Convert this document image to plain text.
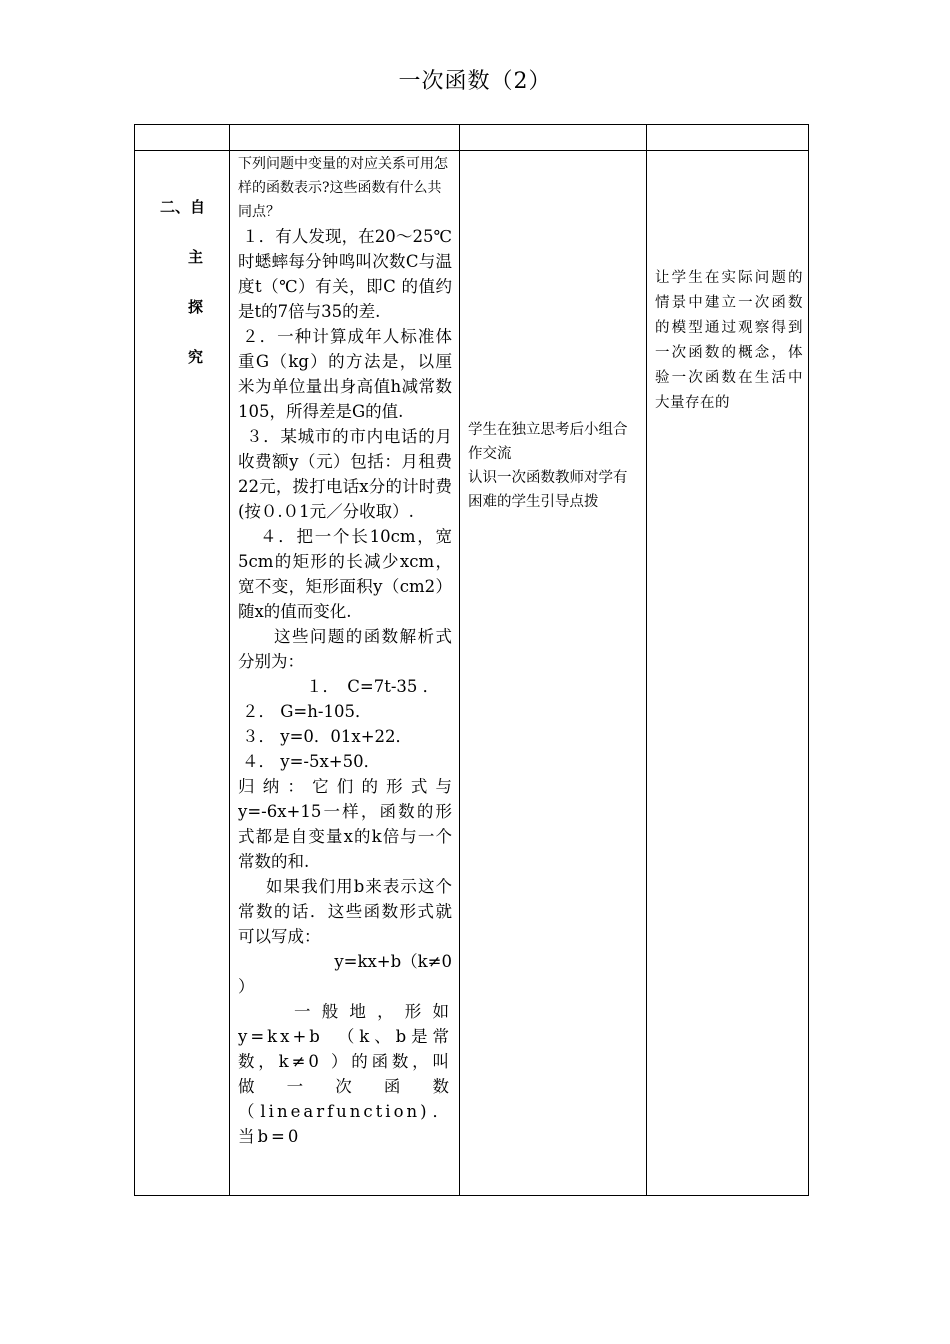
一次函数（2）
二、自
主
探
究
下列问题中变量的对应关系可用怎样的函数表示?这些函数有什么共同点？

１．有人发现，在20～25℃时蟋蟀每分钟鸣叫次数C与温度t（℃）有关，即C 的值约是t的7倍与35的差.

２．一种计算成年人标准体重G（kg）的方法是，以厘米为单位量出身高值h减常数105，所得差是G的值.

３．某城市的市内电话的月收费额y（元）包括：月租费22元，拨打电话x分的计时费(按０.０1元／分收取）.

４．把一个长10cm，宽5cm的矩形的长减少xcm，宽不变，矩形面积y（cm2）随x的值而变化.

这些问题的函数解析式分别为：

１．　C=7t-35 ．

２． G=h-105．

３． y=0．01x+22．

４． y=-5x+50．

归纳：它们的形式与y=-6x+15一样，函数的形式都是自变量x的k倍与一个常数的和.

如果我们用b来表示这个常数的话．这些函数形式就可以写成：

y=kx+b（k≠0

）

一般地，形如y=kx+b　（k、b是常数，k≠0 ）的函数，叫做一次函数（linearfunction)．当b=0

学生在独立思考后小组合作交流

认识一次函数教师对学有困难的学生引导点拨

让学生在实际问题的情景中建立一次函数的模型通过观察得到一次函数的概念，体验一次函数在生活中大量存在的
